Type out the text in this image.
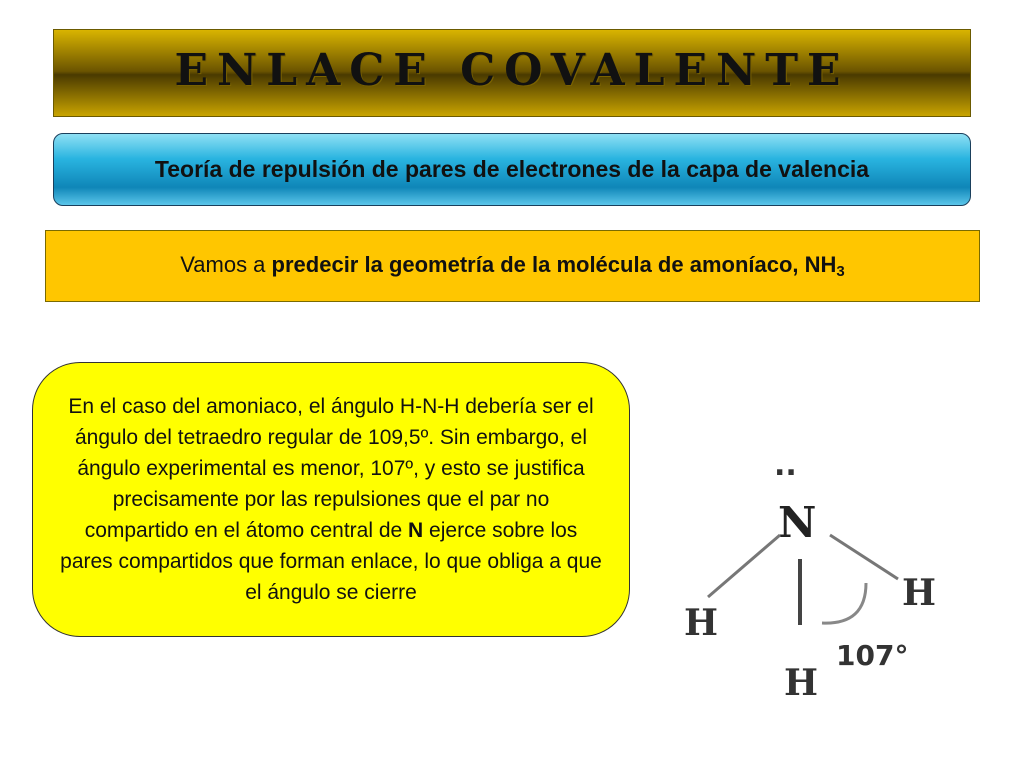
ENLACE COVALENTE
Teoría de repulsión de pares de electrones de la capa de valencia
Vamos a predecir la geometría de la molécula de amoníaco, $NH_3$

En el caso del amoniaco, el ángulo H-N-H debería ser el ángulo del tetraedro regular de 109,5º. Sin embargo, el ángulo experimental es menor, 107º, y esto se justifica precisamente por las repulsiones que el par no compartido en el átomo central de N ejerce sobre los pares compartidos que forman enlace, lo que obliga a que el ángulo se cierre

..
N
H
H
H
107°
